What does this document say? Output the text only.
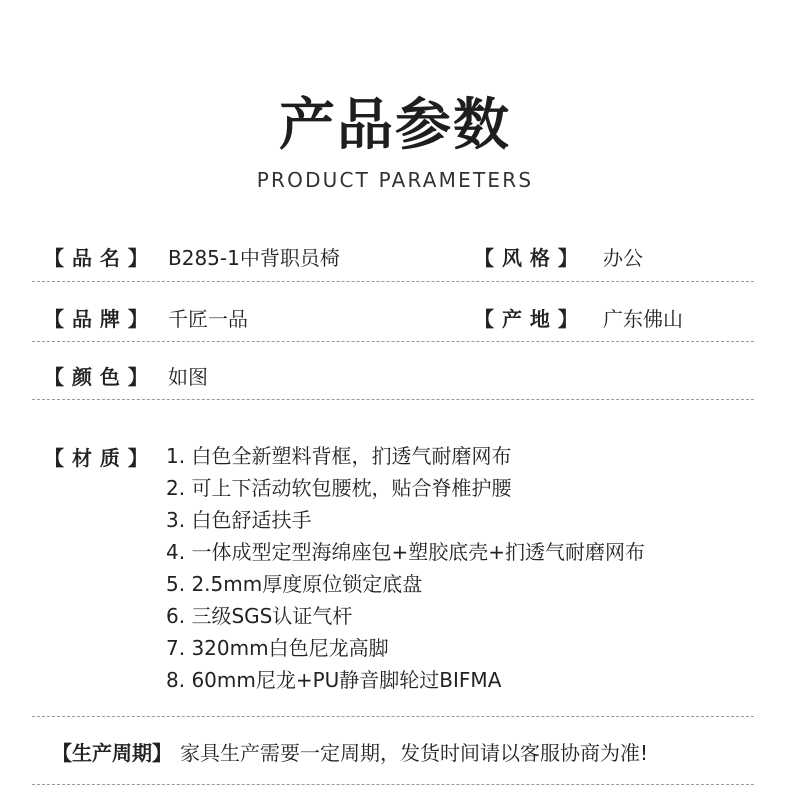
产品参数
PRODUCT PARAMETERS
【 品 名 】 B285-1中背职员椅	【 风 格 】 办公
【 品 牌 】 千匠一品	【 产 地 】 广东佛山
【 颜 色 】 如图
【 材 质 】 1. 白色全新塑料背框，扪透气耐磨网布
2. 可上下活动软包腰枕，贴合脊椎护腰
3. 白色舒适扶手
4. 一体成型定型海绵座包+塑胶底壳+扪透气耐磨网布
5. 2.5mm厚度原位锁定底盘
6. 三级SGS认证气杆
7. 320mm白色尼龙高脚
8. 60mm尼龙+PU静音脚轮过BIFMA
【生产周期】 家具生产需要一定周期，发货时间请以客服协商为准!
